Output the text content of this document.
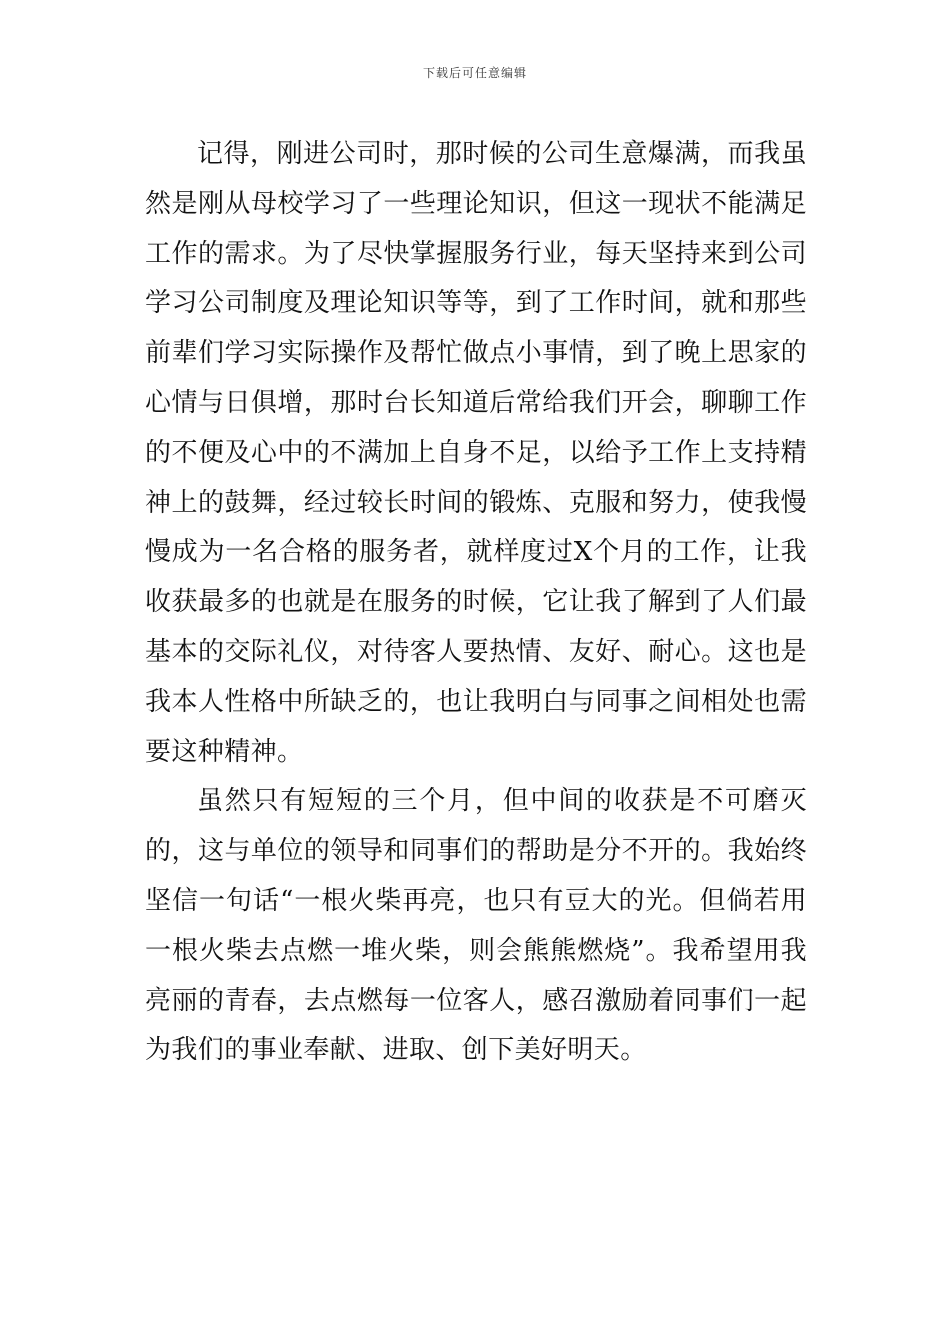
下载后可任意编辑

记得，刚进公司时，那时候的公司生意爆满，而我虽然是刚从母校学习了一些理论知识，但这一现状不能满足工作的需求。为了尽快掌握服务行业，每天坚持来到公司学习公司制度及理论知识等等，到了工作时间，就和那些前辈们学习实际操作及帮忙做点小事情，到了晚上思家的心情与日俱增，那时台长知道后常给我们开会，聊聊工作的不便及心中的不满加上自身不足，以给予工作上支持精神上的鼓舞，经过较长时间的锻炼、克服和努力，使我慢慢成为一名合格的服务者，就样度过X个月的工作，让我收获最多的也就是在服务的时候，它让我了解到了人们最基本的交际礼仪，对待客人要热情、友好、耐心。这也是我本人性格中所缺乏的，也让我明白与同事之间相处也需要这种精神。

虽然只有短短的三个月，但中间的收获是不可磨灭的，这与单位的领导和同事们的帮助是分不开的。我始终坚信一句话“一根火柴再亮，也只有豆大的光。但倘若用一根火柴去点燃一堆火柴，则会熊熊燃烧”。我希望用我亮丽的青春，去点燃每一位客人，感召激励着同事们一起为我们的事业奉献、进取、创下美好明天。
